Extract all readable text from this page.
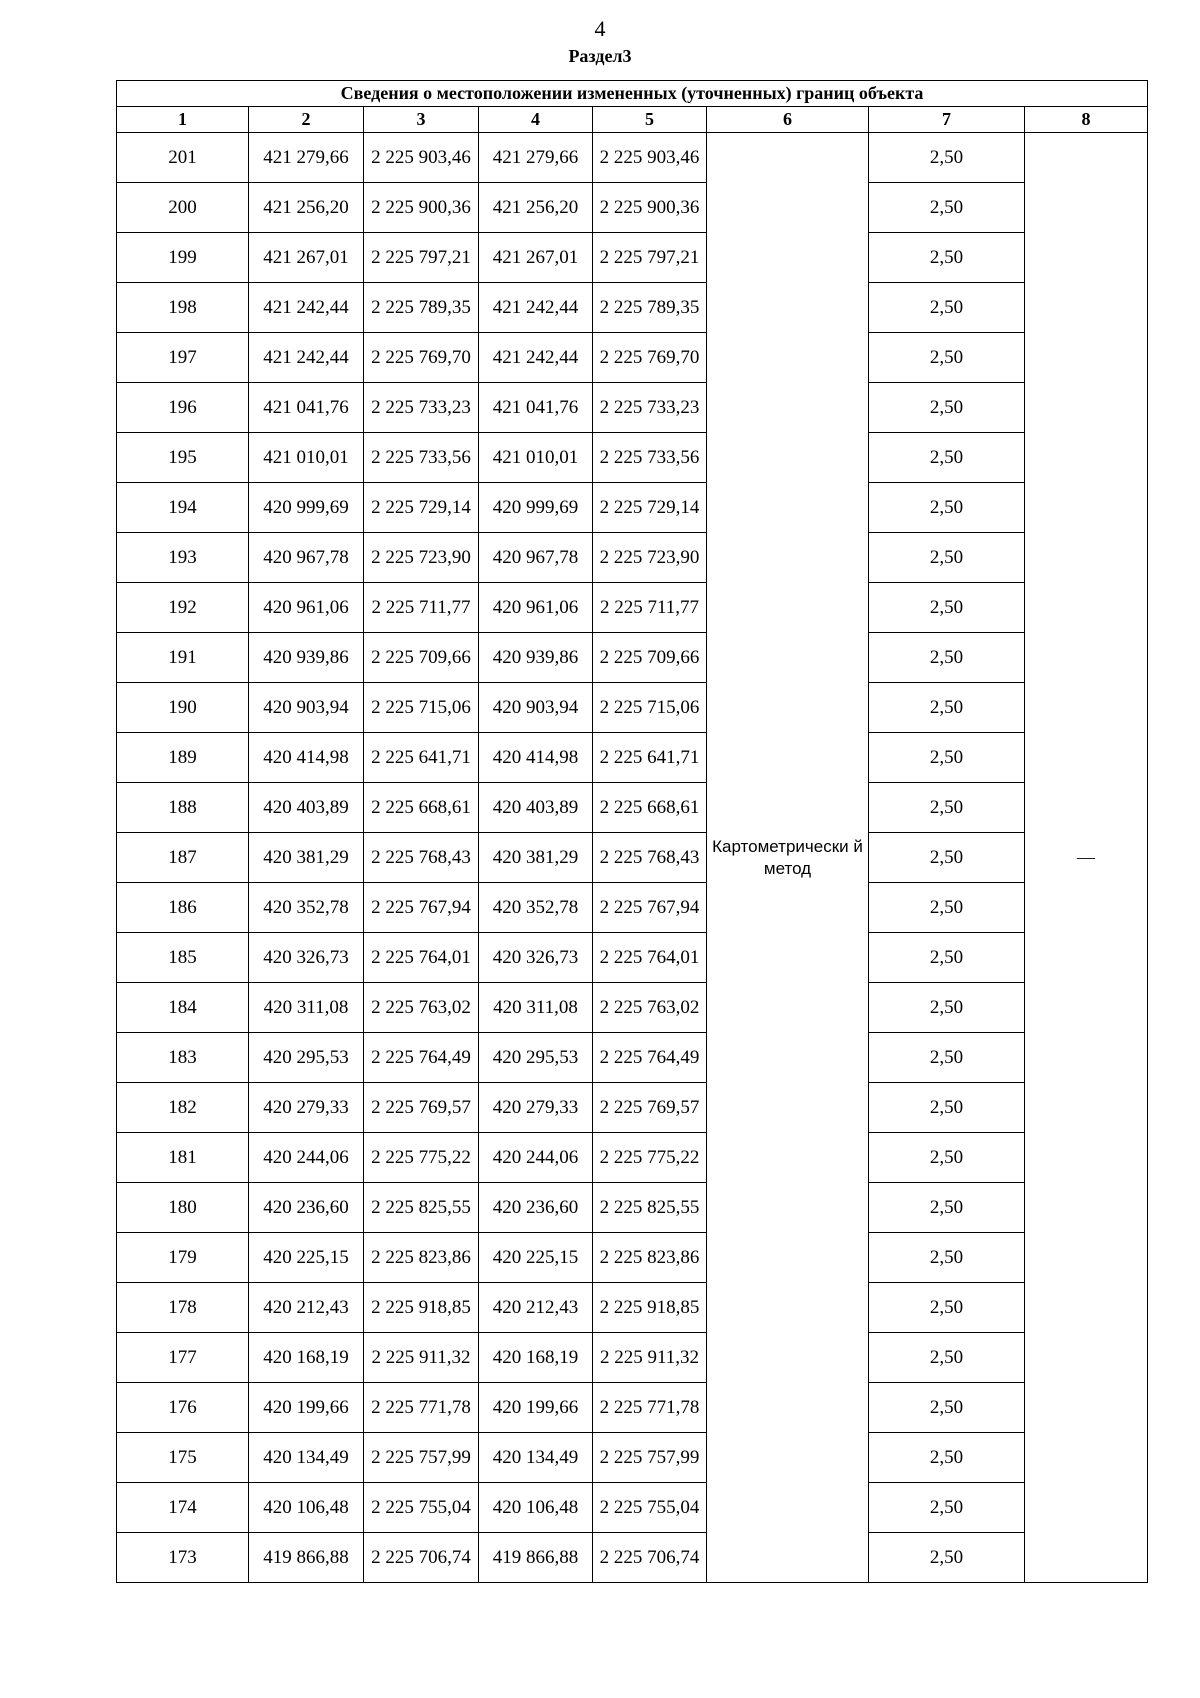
4
Раздел3
Сведения о местоположении измененных (уточненных) границ объекта							
1	2	3	4	5	6	7	8
201	421 279,66	2 225 903,46	421 279,66	2 225 903,46	Картометрически й метод	2,50	—
200	421 256,20	2 225 900,36	421 256,20	2 225 900,36		2,50	
199	421 267,01	2 225 797,21	421 267,01	2 225 797,21		2,50	
198	421 242,44	2 225 789,35	421 242,44	2 225 789,35		2,50	
197	421 242,44	2 225 769,70	421 242,44	2 225 769,70		2,50	
196	421 041,76	2 225 733,23	421 041,76	2 225 733,23		2,50	
195	421 010,01	2 225 733,56	421 010,01	2 225 733,56		2,50	
194	420 999,69	2 225 729,14	420 999,69	2 225 729,14		2,50	
193	420 967,78	2 225 723,90	420 967,78	2 225 723,90		2,50	
192	420 961,06	2 225 711,77	420 961,06	2 225 711,77		2,50	
191	420 939,86	2 225 709,66	420 939,86	2 225 709,66		2,50	
190	420 903,94	2 225 715,06	420 903,94	2 225 715,06		2,50	
189	420 414,98	2 225 641,71	420 414,98	2 225 641,71		2,50	
188	420 403,89	2 225 668,61	420 403,89	2 225 668,61		2,50	
187	420 381,29	2 225 768,43	420 381,29	2 225 768,43		2,50	
186	420 352,78	2 225 767,94	420 352,78	2 225 767,94		2,50	
185	420 326,73	2 225 764,01	420 326,73	2 225 764,01		2,50	
184	420 311,08	2 225 763,02	420 311,08	2 225 763,02		2,50	
183	420 295,53	2 225 764,49	420 295,53	2 225 764,49		2,50	
182	420 279,33	2 225 769,57	420 279,33	2 225 769,57		2,50	
181	420 244,06	2 225 775,22	420 244,06	2 225 775,22		2,50	
180	420 236,60	2 225 825,55	420 236,60	2 225 825,55		2,50	
179	420 225,15	2 225 823,86	420 225,15	2 225 823,86		2,50	
178	420 212,43	2 225 918,85	420 212,43	2 225 918,85		2,50	
177	420 168,19	2 225 911,32	420 168,19	2 225 911,32		2,50	
176	420 199,66	2 225 771,78	420 199,66	2 225 771,78		2,50	
175	420 134,49	2 225 757,99	420 134,49	2 225 757,99		2,50	
174	420 106,48	2 225 755,04	420 106,48	2 225 755,04		2,50	
173	419 866,88	2 225 706,74	419 866,88	2 225 706,74		2,50	
